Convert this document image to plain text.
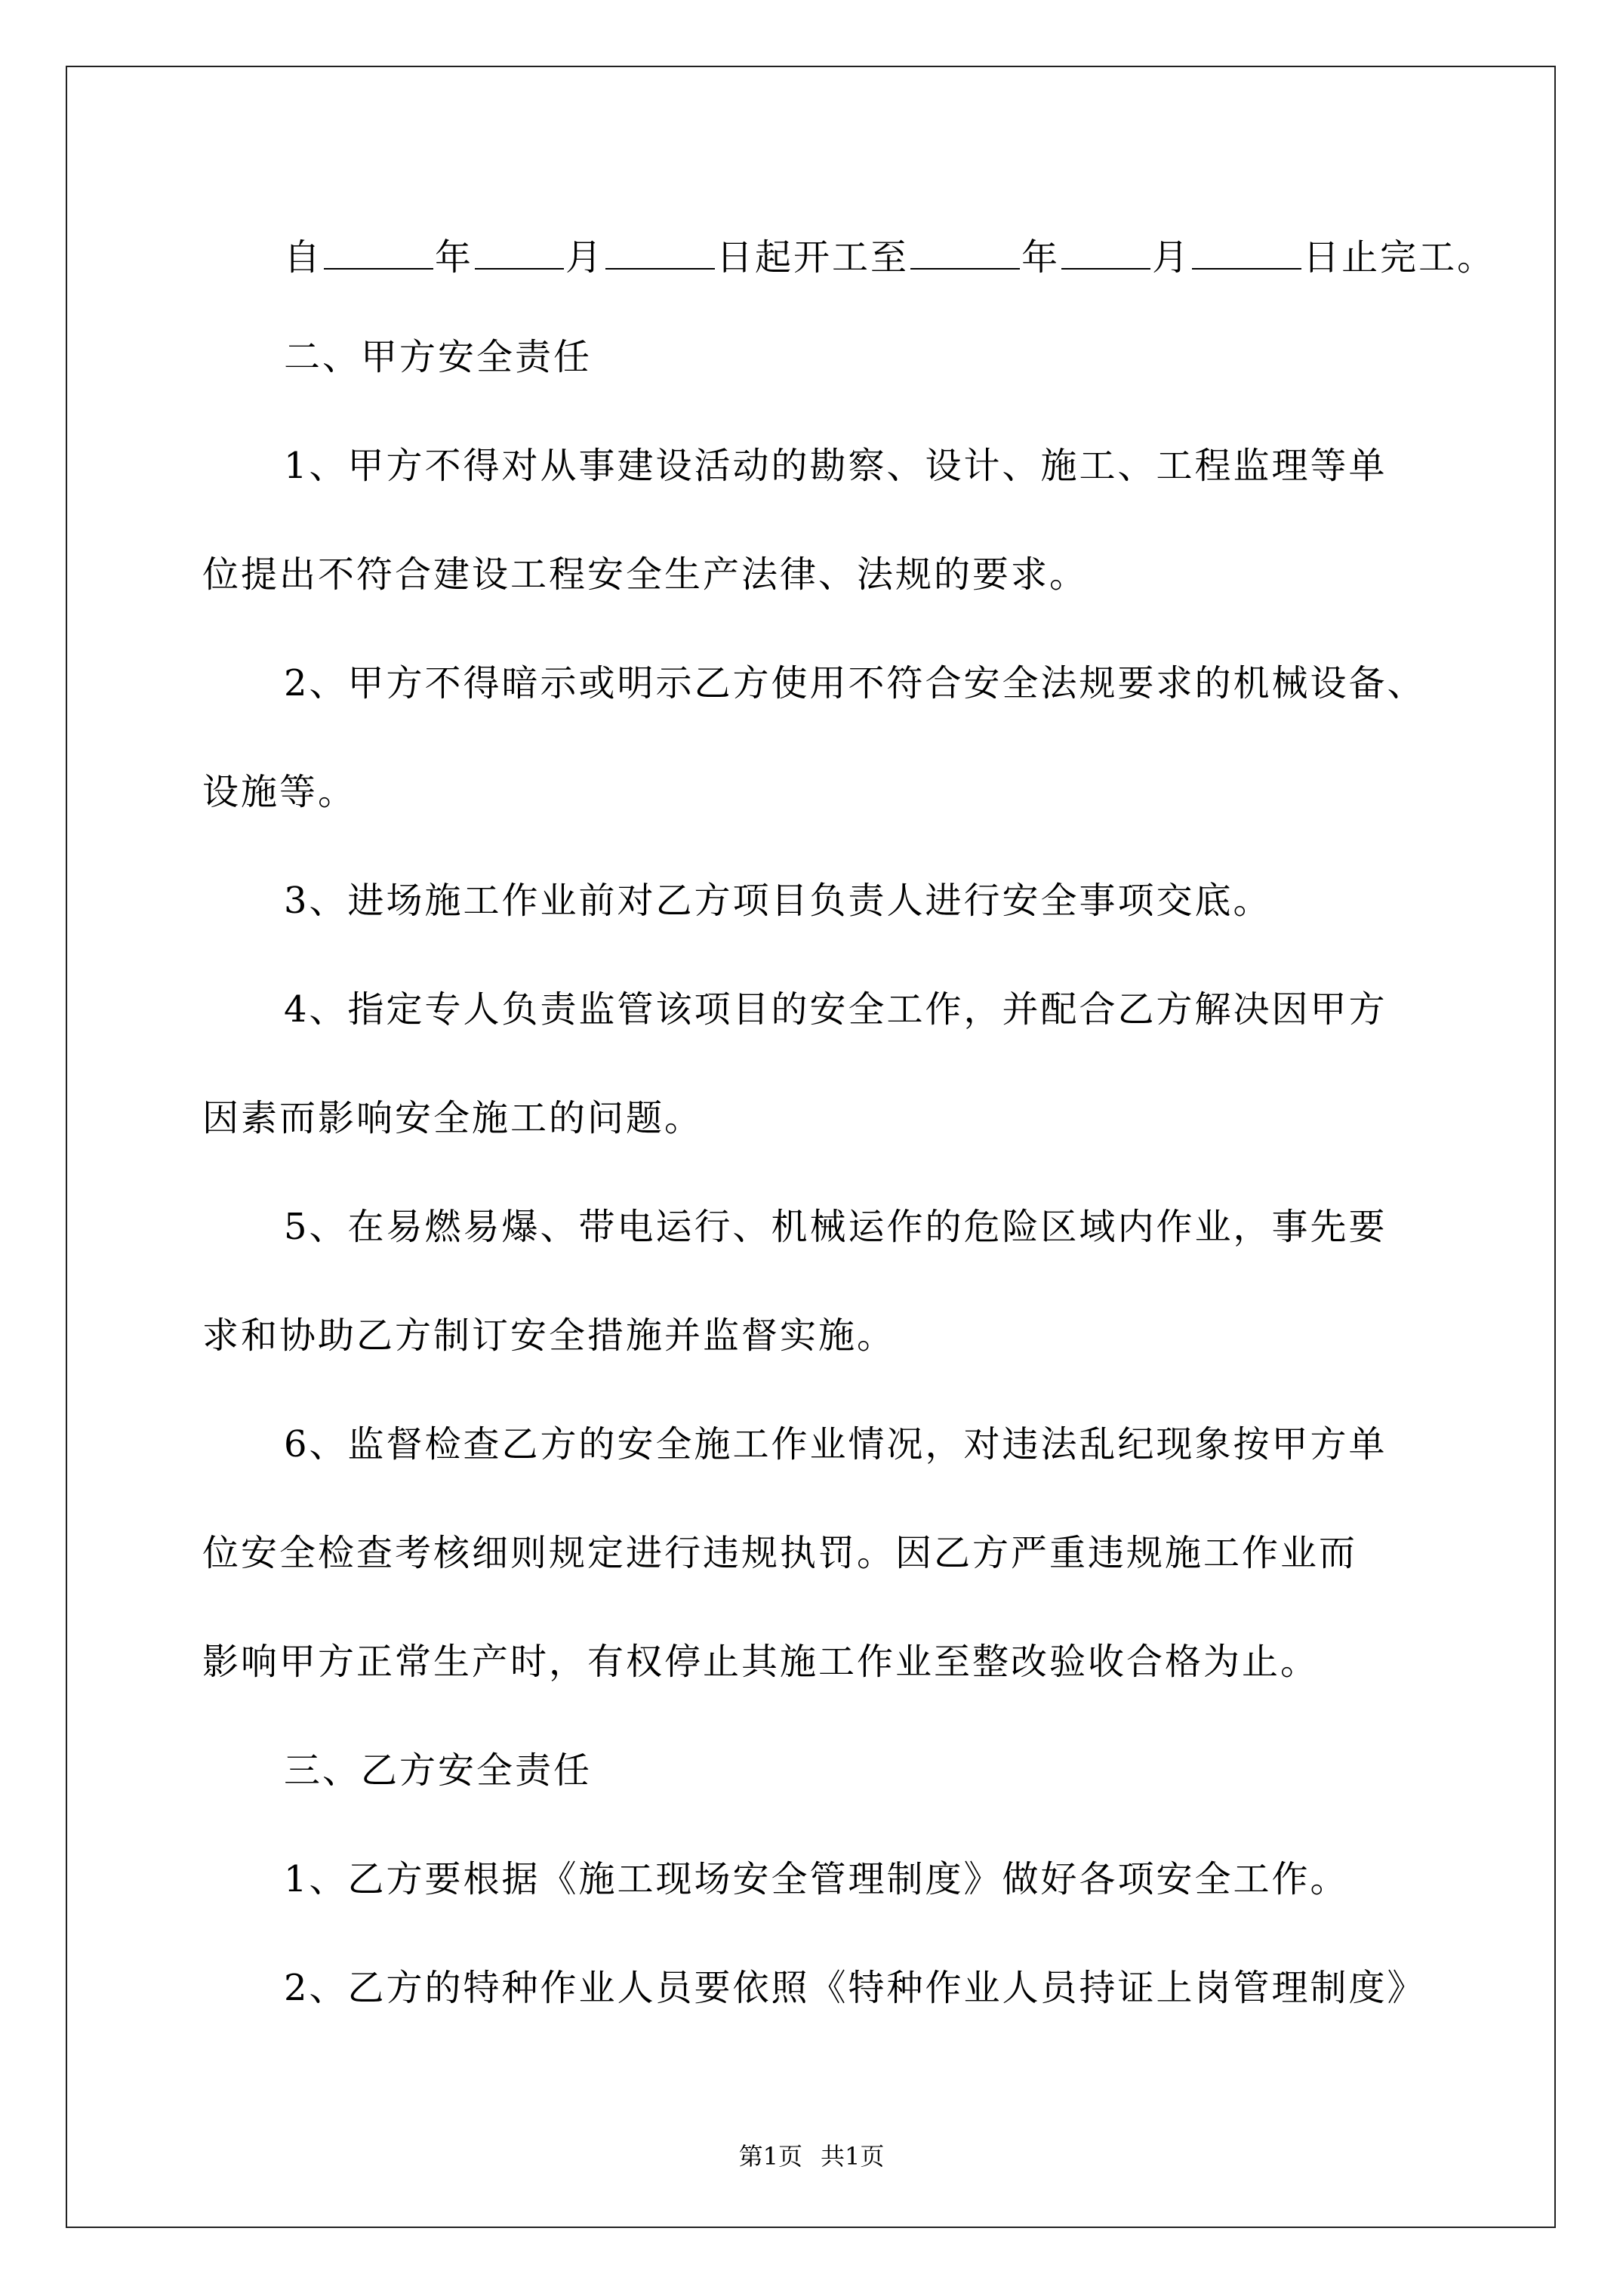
自	年	月	日起开工至	年	月	日止完工。
二、甲方安全责任
1、甲方不得对从事建设活动的勘察、设计、施工、工程监理等单
位提出不符合建设工程安全生产法律、法规的要求。
2、甲方不得暗示或明示乙方使用不符合安全法规要求的机械设备、
设施等。
3、进场施工作业前对乙方项目负责人进行安全事项交底。
4、指定专人负责监管该项目的安全工作，并配合乙方解决因甲方
因素而影响安全施工的问题。
5、在易燃易爆、带电运行、机械运作的危险区域内作业，事先要
求和协助乙方制订安全措施并监督实施。
6、监督检查乙方的安全施工作业情况，对违法乱纪现象按甲方单
位安全检查考核细则规定进行违规执罚。因乙方严重违规施工作业而
影响甲方正常生产时，有权停止其施工作业至整改验收合格为止。
三、乙方安全责任
1、乙方要根据《施工现场安全管理制度》做好各项安全工作。
2、乙方的特种作业人员要依照《特种作业人员持证上岗管理制度》
第1页 共1页
